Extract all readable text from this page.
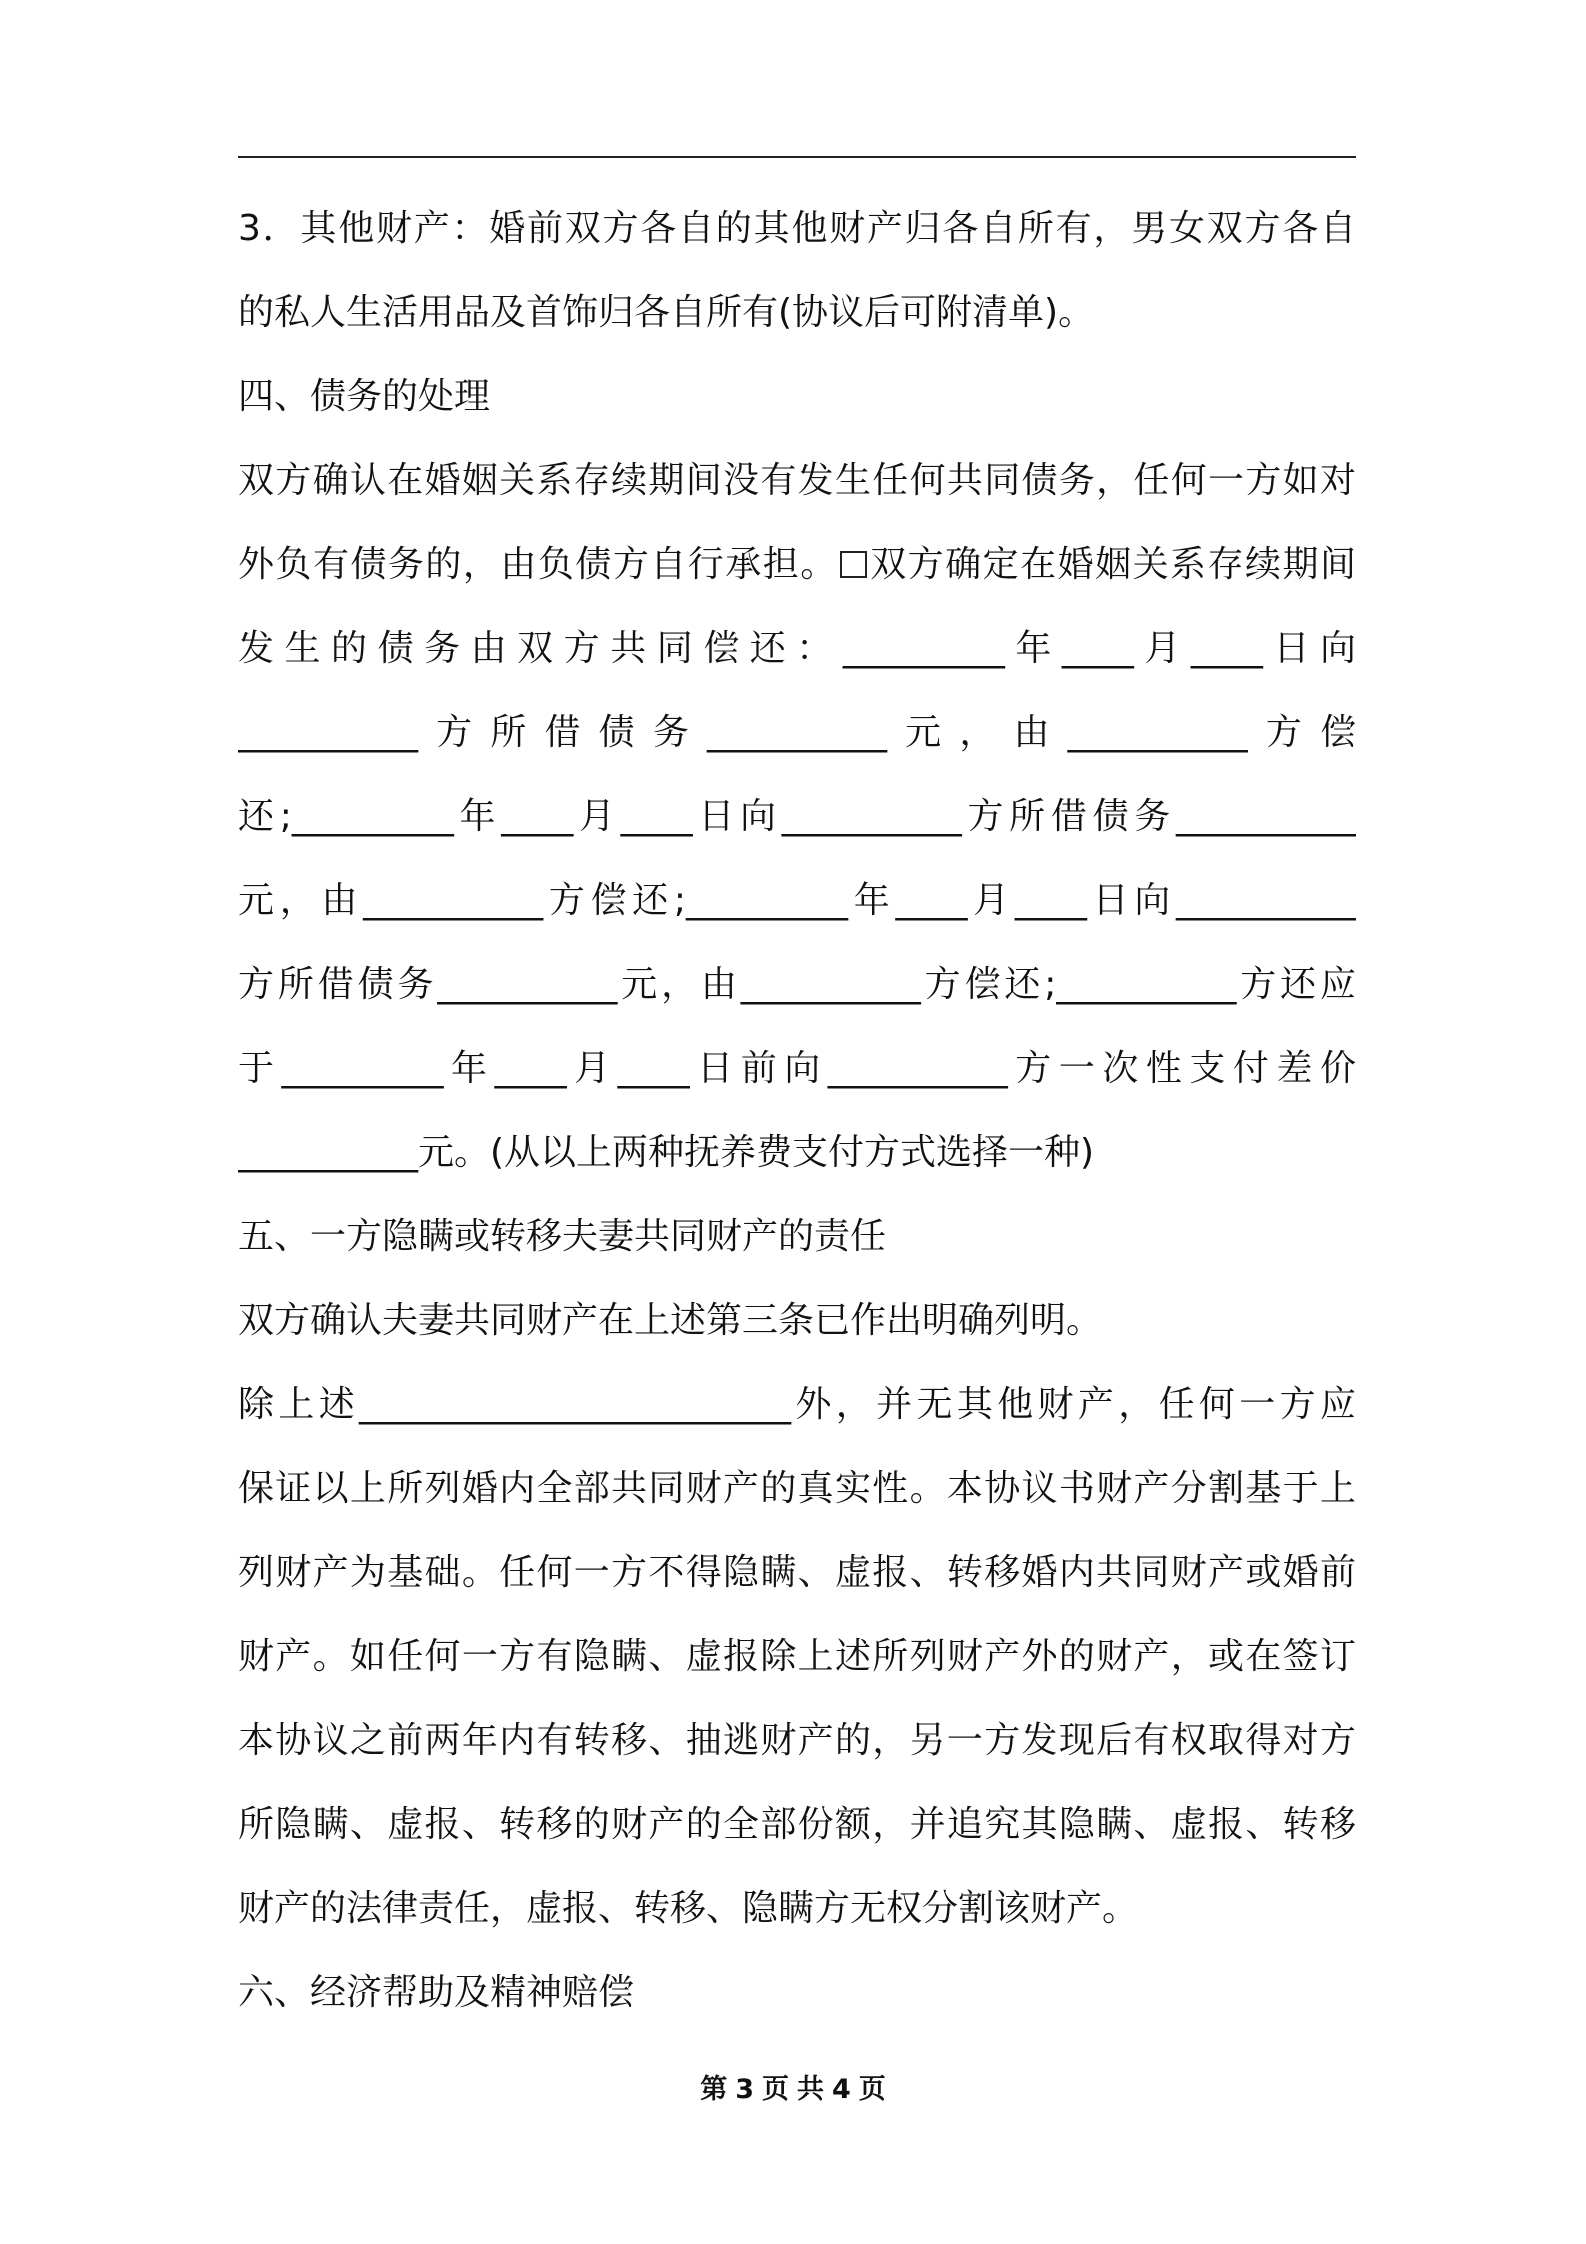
3．其他财产：婚前双方各自的其他财产归各自所有，男女双方各自
的私人生活用品及首饰归各自所有(协议后可附清单)。
四、债务的处理
双方确认在婚姻关系存续期间没有发生任何共同债务，任何一方如对
外负有债务的，由负债方自行承担。 双方确定在婚姻关系存续期间
发生的债务由双方共同偿还：_________年____月____日向
__________方所借债务__________元，由__________方偿
还;_________年____月____日向__________方所借债务__________
元，由__________方偿还;_________年____月____日向__________
方所借债务__________元，由__________方偿还;__________方还应
于_________年____月____日前向__________方一次性支付差价
__________元。(从以上两种抚养费支付方式选择一种)
五、一方隐瞒或转移夫妻共同财产的责任
双方确认夫妻共同财产在上述第三条已作出明确列明。
除上述________________________外，并无其他财产，任何一方应
保证以上所列婚内全部共同财产的真实性。本协议书财产分割基于上
列财产为基础。任何一方不得隐瞒、虚报、转移婚内共同财产或婚前
财产。如任何一方有隐瞒、虚报除上述所列财产外的财产，或在签订
本协议之前两年内有转移、抽逃财产的，另一方发现后有权取得对方
所隐瞒、虚报、转移的财产的全部份额，并追究其隐瞒、虚报、转移
财产的法律责任，虚报、转移、隐瞒方无权分割该财产。
六、经济帮助及精神赔偿
第 3 页 共 4 页
